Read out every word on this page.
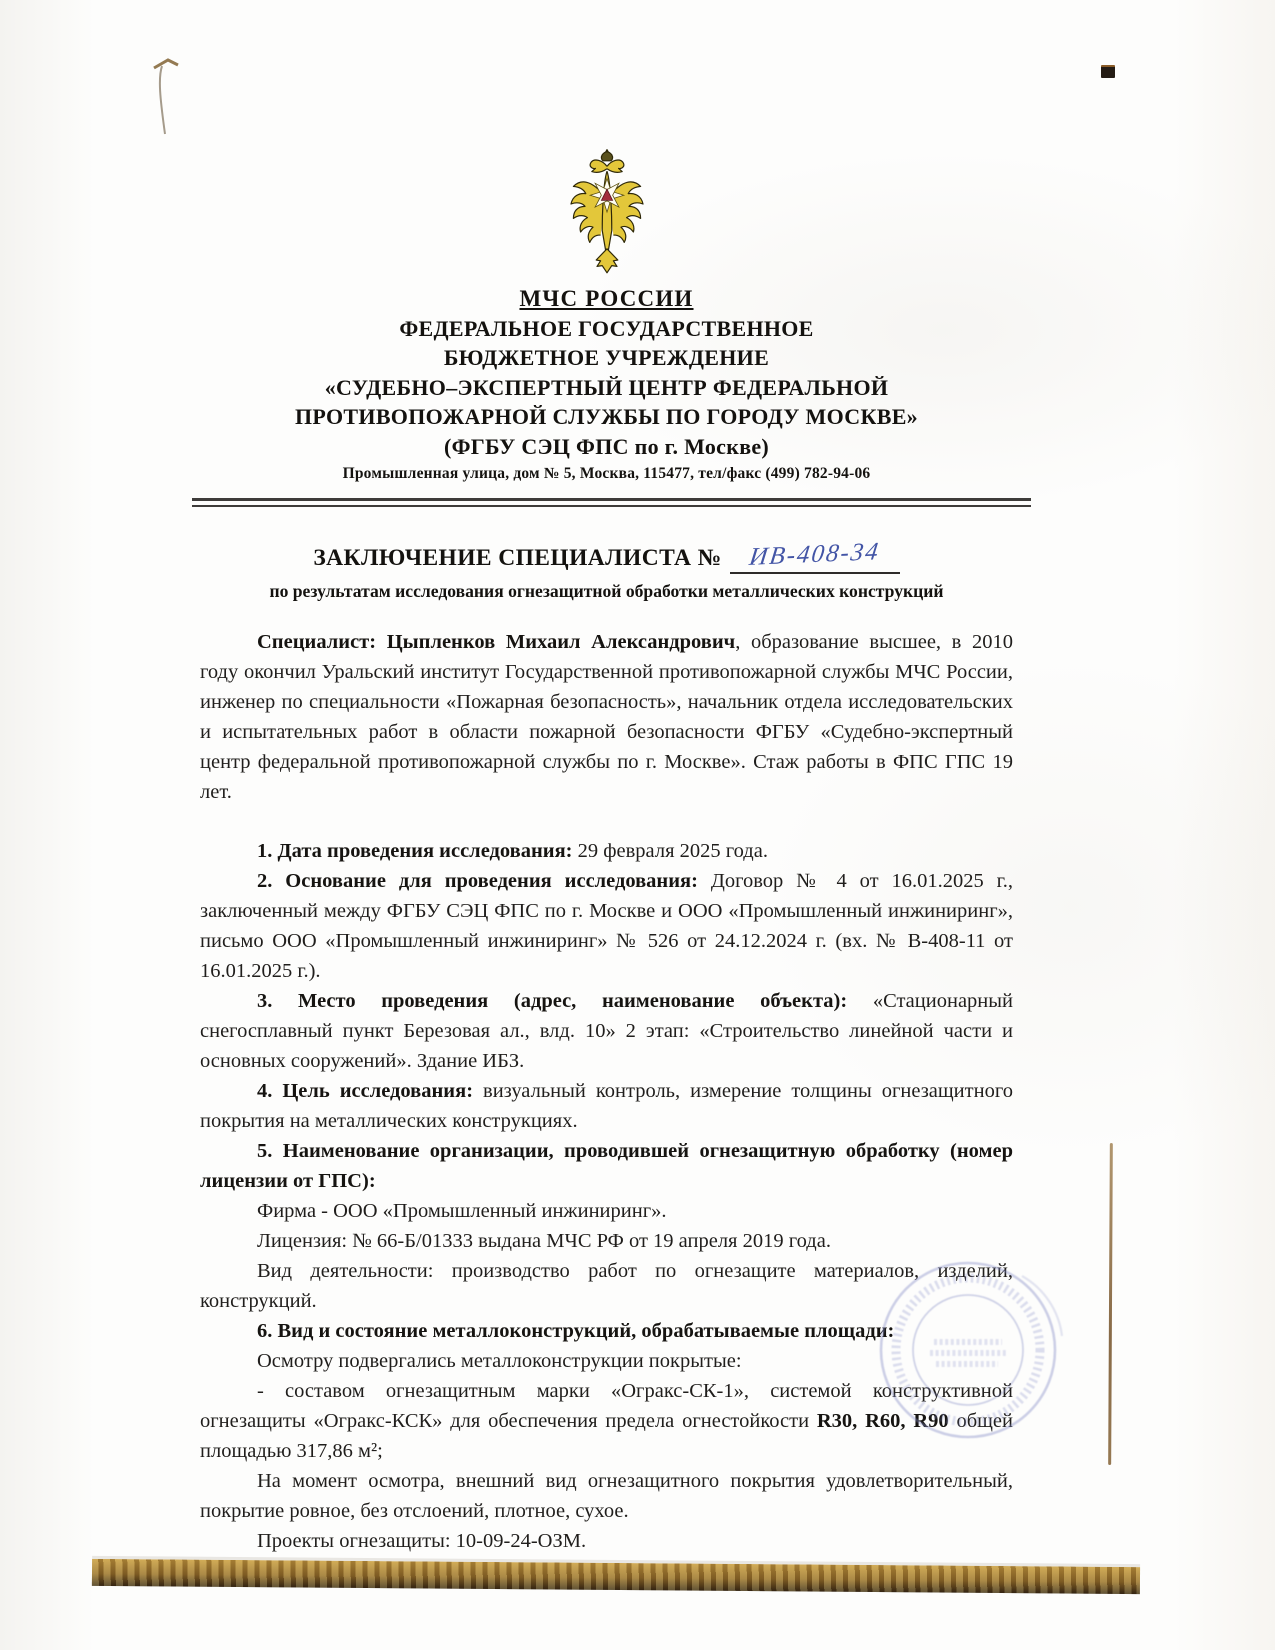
МЧС РОССИИ
ФЕДЕРАЛЬНОЕ ГОСУДАРСТВЕННОЕ
БЮДЖЕТНОЕ УЧРЕЖДЕНИЕ
«СУДЕБНО–ЭКСПЕРТНЫЙ ЦЕНТР ФЕДЕРАЛЬНОЙ
ПРОТИВОПОЖАРНОЙ СЛУЖБЫ ПО ГОРОДУ МОСКВЕ»
(ФГБУ СЭЦ ФПС по г. Москве)
Промышленная улица, дом № 5, Москва, 115477, тел/факс (499) 782-94-06
ЗАКЛЮЧЕНИЕ СПЕЦИАЛИСТА № ИВ-408-34
по результатам исследования огнезащитной обработки металлических конструкций

Специалист: Цыпленков Михаил Александрович, образование высшее, в 2010 году окончил Уральский институт Государственной противопожарной службы МЧС России, инженер по специальности «Пожарная безопасность», начальник отдела исследовательских и испытательных работ в области пожарной безопасности ФГБУ «Судебно-экспертный центр федеральной противопожарной службы по г. Москве». Стаж работы в ФПС ГПС 19 лет.

1. Дата проведения исследования: 29 февраля 2025 года.

2. Основание для проведения исследования: Договор № 4 от 16.01.2025 г., заключенный между ФГБУ СЭЦ ФПС по г. Москве и ООО «Промышленный инжиниринг», письмо ООО «Промышленный инжиниринг» № 526 от 24.12.2024 г. (вх. № В-408-11 от 16.01.2025 г.).

3. Место проведения (адрес, наименование объекта): «Стационарный снегосплавный пункт Березовая ал., влд. 10» 2 этап: «Строительство линейной части и основных сооружений». Здание ИБЗ.

4. Цель исследования: визуальный контроль, измерение толщины огнезащитного покрытия на металлических конструкциях.

5. Наименование организации, проводившей огнезащитную обработку (номер лицензии от ГПС):

Фирма - ООО «Промышленный инжиниринг».

Лицензия: № 66-Б/01333 выдана МЧС РФ от 19 апреля 2019 года.

Вид деятельности: производство работ по огнезащите материалов, изделий, конструкций.

6. Вид и состояние металлоконструкций, обрабатываемые площади:

Осмотру подвергались металлоконструкции покрытые:

- составом огнезащитным марки «Огракс-СК-1», системой конструктивной огнезащиты «Огракс-КСК» для обеспечения предела огнестойкости R30, R60, R90 общей площадью 317,86 м²;

На момент осмотра, внешний вид огнезащитного покрытия удовлетворительный, покрытие ровное, без отслоений, плотное, сухое.

Проекты огнезащиты: 10-09-24-ОЗМ.
